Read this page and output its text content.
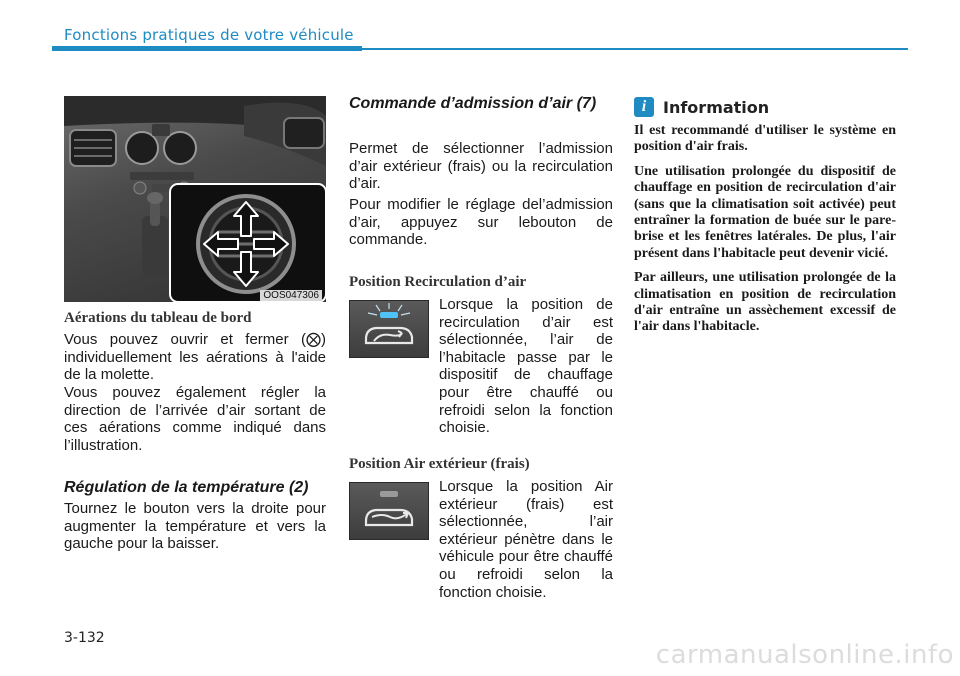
Fonctions pratiques de votre véhicule
OOS047306
Aérations du tableau de bord

Vous pouvez ouvrir et fermer (⨂) individuellement les aérations à l'aide de la molette.

Vous pouvez également régler la direction de l’arrivée d’air sortant de ces aérations comme indiqué dans l’illustration.

Régulation de la température (2)

Tournez le bouton vers la droite pour augmenter la température et vers la gauche pour la baisser.

Commande d’admission d’air (7)

Permet de sélectionner l’admission d’air extérieur (frais) ou la recirculation d’air.

Pour modifier le réglage del’admission d’air, appuyez sur lebouton de commande.

Position Recirculation d’air

Lorsque la position de recirculation d’air est sélectionnée, l’air de l’habitacle passe par le dispositif de chauffage pour être chauffé ou refroidi selon la fonction choisie.

Position Air extérieur (frais)

Lorsque la position Air extérieur (frais) est sélectionnée, l’air extérieur pénètre dans le véhicule pour être chauffé ou refroidi selon la fonction choisie.

i	Information

Il est recommandé d'utiliser le système en position d'air frais.

Une utilisation prolongée du dispositif de chauffage en position de recirculation d'air (sans que la climatisation soit activée) peut entraîner la formation de buée sur le pare-brise et les fenêtres latérales. De plus, l'air présent dans l'habitacle peut devenir vicié.

Par ailleurs, une utilisation prolongée de la climatisation en position de recirculation d'air entraîne un assèchement excessif de l'air dans l'habitacle.

3-132
carmanualsonline.info
